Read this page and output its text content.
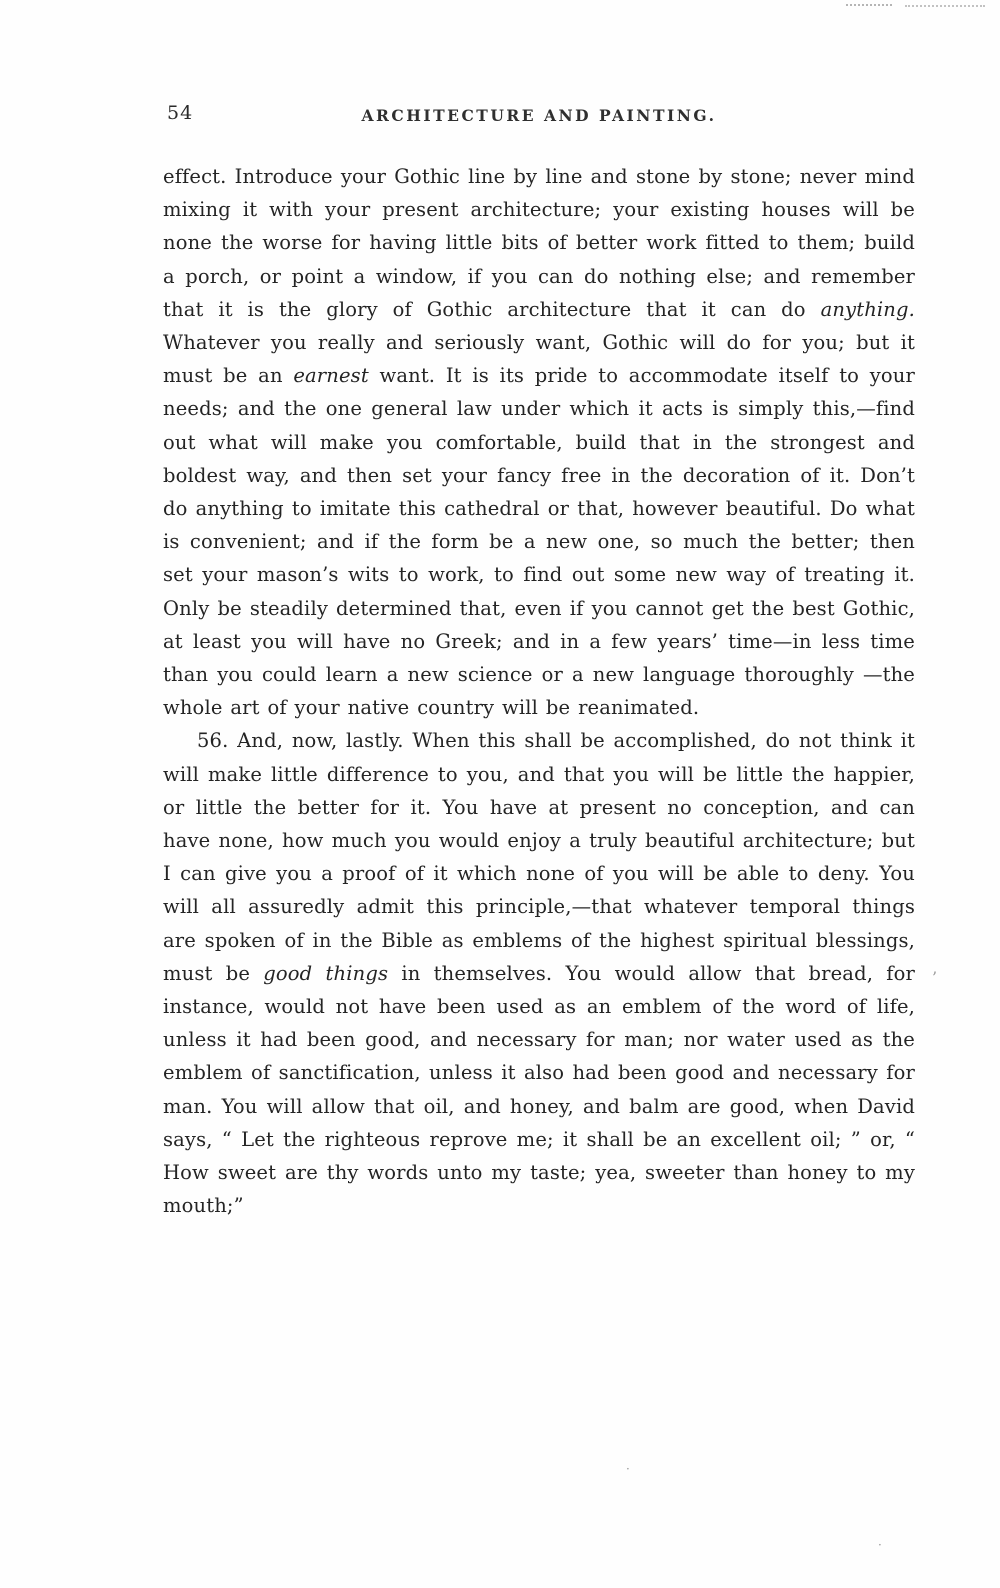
’
·
·
54	ARCHITECTURE AND PAINTING.

effect. Introduce your Gothic line by line and stone by stone; never mind mixing it with your present architecture; your existing houses will be none the worse for having little bits of better work fitted to them; build a porch, or point a window, if you can do nothing else; and remember that it is the glory of Gothic architecture that it can do anything. Whatever you really and seriously want, Gothic will do for you; but it must be an earnest want. It is its pride to accommodate itself to your needs; and the one general law under which it acts is simply this,—find out what will make you comfortable, build that in the strongest and boldest way, and then set your fancy free in the decoration of it. Don’t do anything to imitate this cathedral or that, however beautiful. Do what is convenient; and if the form be a new one, so much the better; then set your mason’s wits to work, to find out some new way of treating it. Only be steadily determined that, even if you cannot get the best Gothic, at least you will have no Greek; and in a few years’ time—in less time than you could learn a new science or a new language thoroughly —the whole art of your native country will be reanimated.

56. And, now, lastly. When this shall be accomplished, do not think it will make little difference to you, and that you will be little the happier, or little the better for it. You have at present no conception, and can have none, how much you would enjoy a truly beautiful architecture; but I can give you a proof of it which none of you will be able to deny. You will all assuredly admit this principle,—that whatever temporal things are spoken of in the Bible as emblems of the highest spiritual blessings, must be good things in themselves. You would allow that bread, for instance, would not have been used as an emblem of the word of life, unless it had been good, and necessary for man; nor water used as the emblem of sanctification, unless it also had been good and necessary for man. You will allow that oil, and honey, and balm are good, when David says, “ Let the righteous reprove me; it shall be an excellent oil; ” or, “ How sweet are thy words unto my taste; yea, sweeter than honey to my mouth;”
